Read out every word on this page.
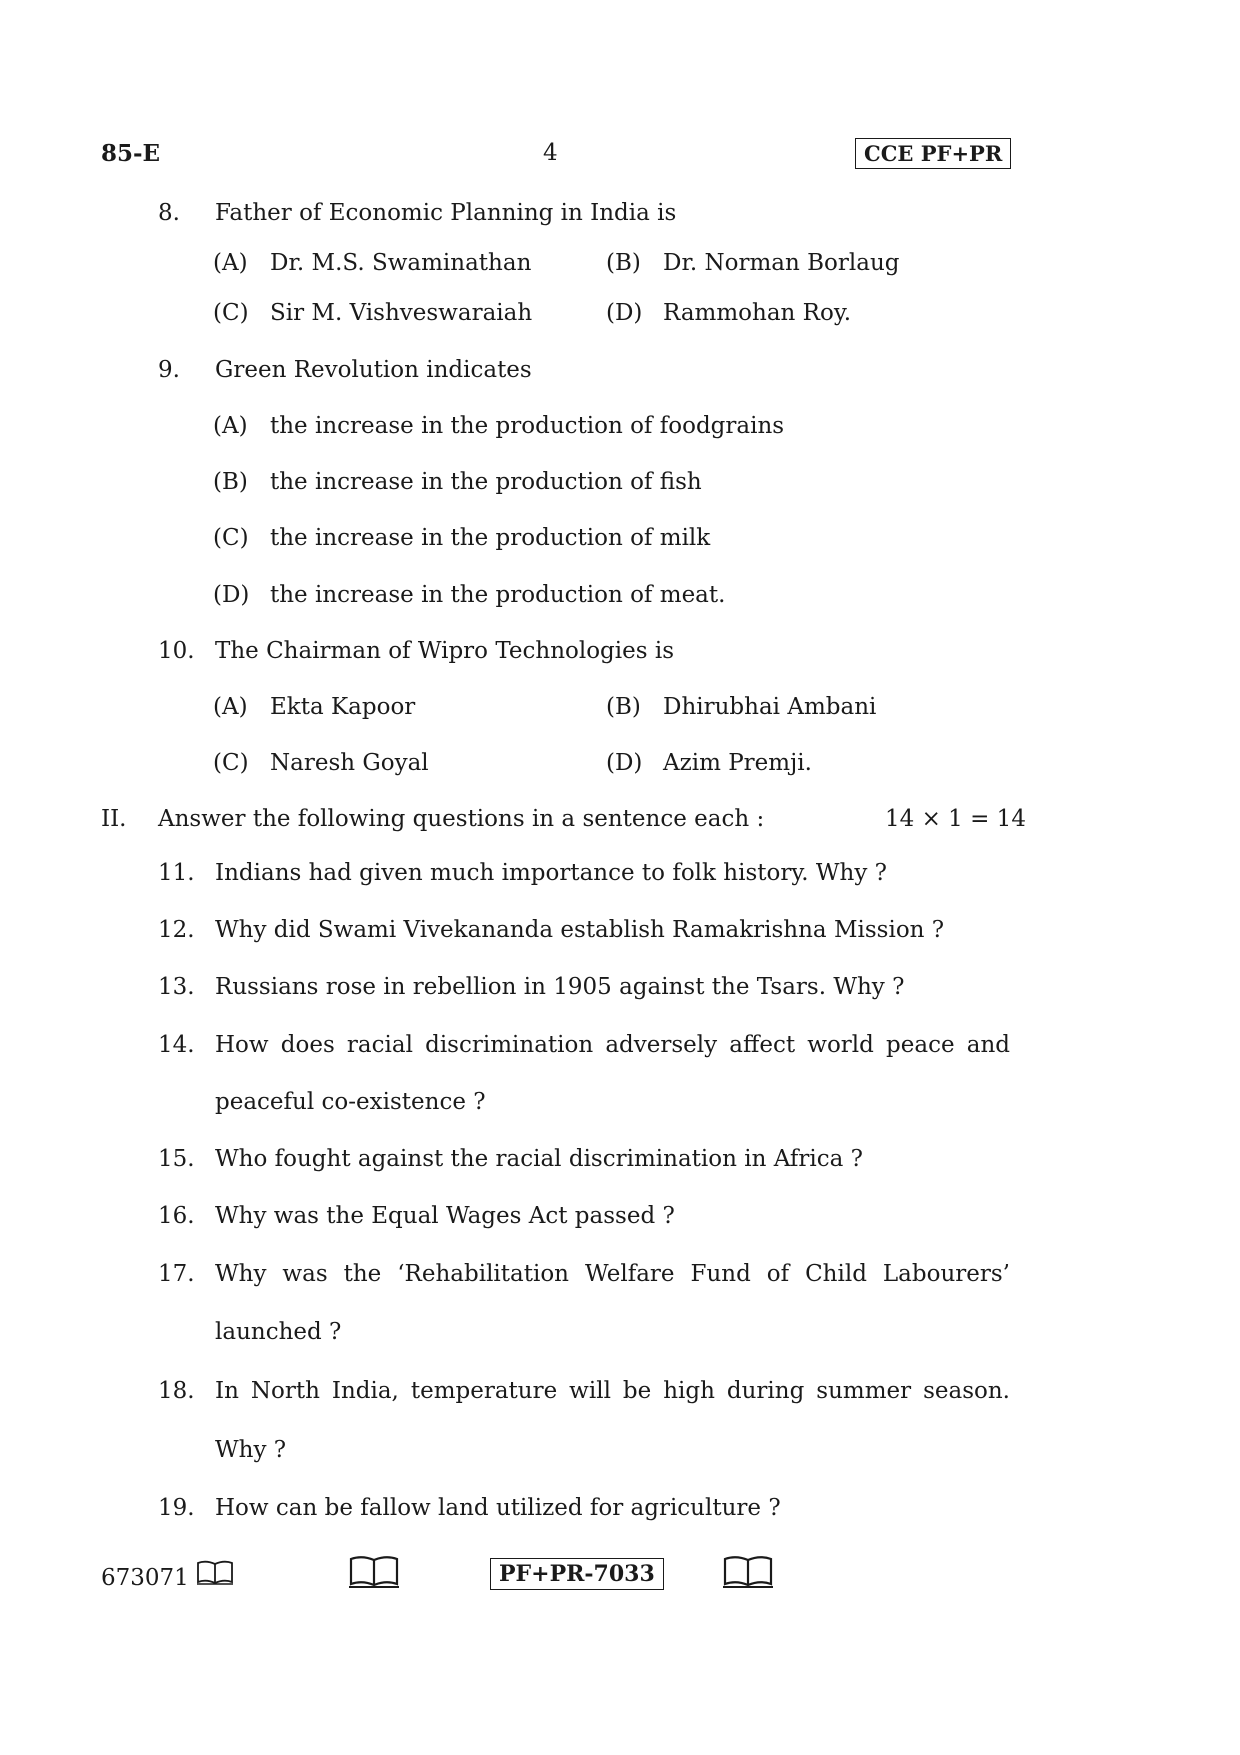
85-E	4	CCE PF+PR
8. Father of Economic Planning in India is
(A) Dr. M.S. Swaminathan	(B) Dr. Norman Borlaug
(C) Sir M. Vishveswaraiah	(D) Rammohan Roy.
9. Green Revolution indicates
(A) the increase in the production of foodgrains
(B) the increase in the production of fish
(C) the increase in the production of milk
(D) the increase in the production of meat.
10. The Chairman of Wipro Technologies is
(A) Ekta Kapoor	(B) Dhirubhai Ambani
(C) Naresh Goyal	(D) Azim Premji.
II. Answer the following questions in a sentence each :	14 × 1 = 14
11. Indians had given much importance to folk history. Why ?
12. Why did Swami Vivekananda establish Ramakrishna Mission ?
13. Russians rose in rebellion in 1905 against the Tsars. Why ?
14. How does racial discrimination adversely affect world peace and
peaceful co-existence ?
15. Who fought against the racial discrimination in Africa ?
16. Why was the Equal Wages Act passed ?
17. Why was the ‘Rehabilitation Welfare Fund of Child Labourers’
launched ?
18. In North India, temperature will be high during summer season.
Why ?
19. How can be fallow land utilized for agriculture ?
673071	PF+PR-7033
